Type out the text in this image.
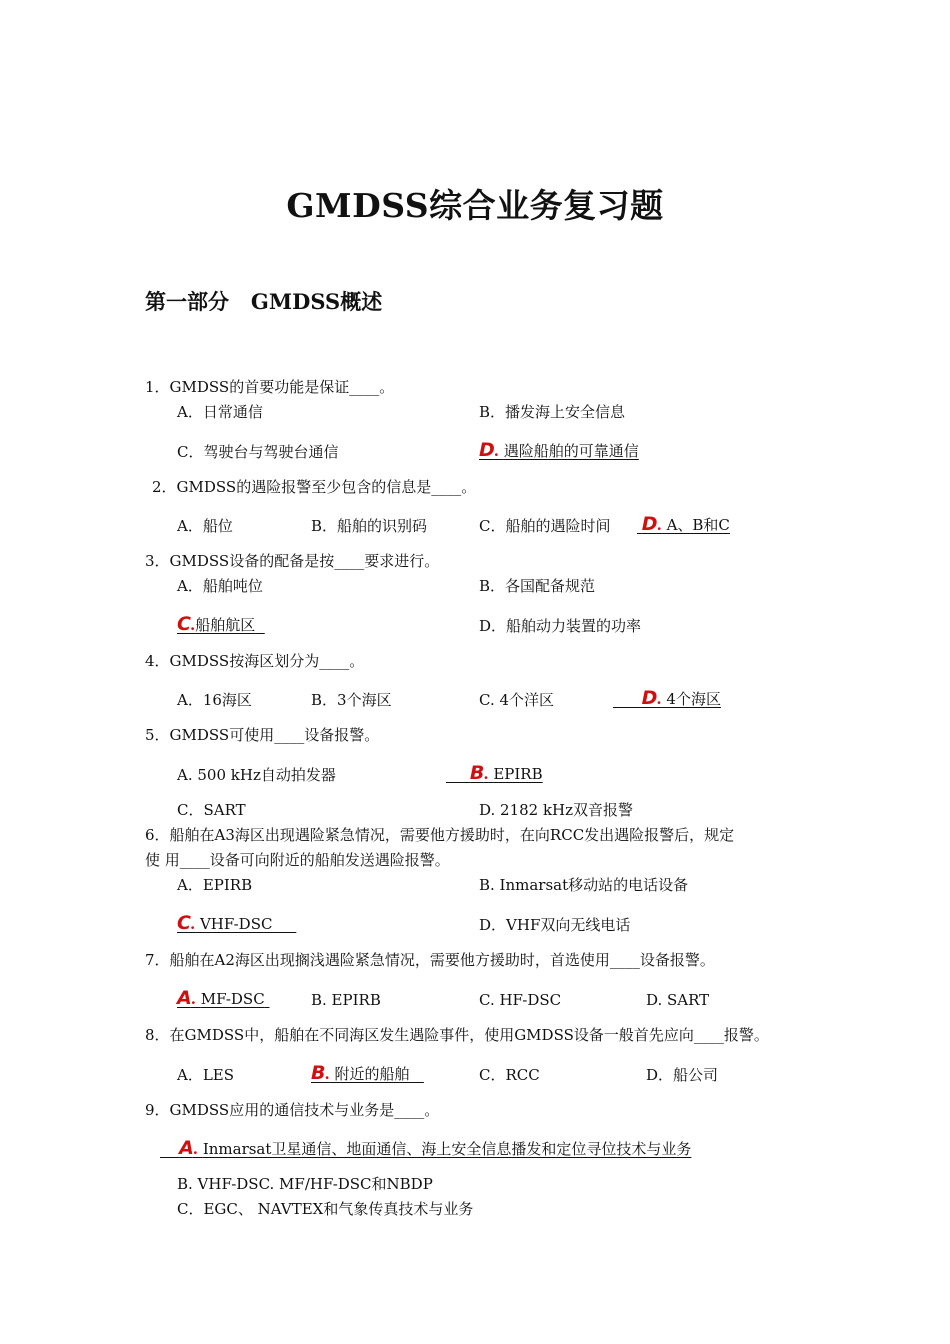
GMDSS综合业务复习题
第一部分   GMDSS概述
1．GMDSS的首要功能是保证____。
A．日常通信	B．播发海上安全信息
C．驾驶台与驾驶台通信	D. 遇险船舶的可靠通信
2．GMDSS的遇险报警至少包含的信息是____。
A．船位	B．船舶的识别码	C．船舶的遇险时间 D. A、B和C
3．GMDSS设备的配备是按____要求进行。
A．船舶吨位	B．各国配备规范
C.船舶航区	D．船舶动力装置的功率
4．GMDSS按海区划分为____。
A．16海区	B．3个海区	C. 4个洋区	D. 4个海区
5．GMDSS可使用____设备报警。
A. 500 kHz自动拍发器	B. EPIRB
C．SART	D. 2182 kHz双音报警
6．船舶在A3海区出现遇险紧急情况，需要他方援助时，在向RCC发出遇险报警后，规定
使 用____设备可向附近的船舶发送遇险报警。
A．EPIRB	B. Inmarsat移动站的电话设备
C. VHF-DSC	D．VHF双向无线电话
7．船舶在A2海区出现搁浅遇险紧急情况，需要他方援助时，首选使用____设备报警。
A. MF-DSC	B. EPIRB	C. HF-DSC	D. SART
8．在GMDSS中，船舶在不同海区发生遇险事件，使用GMDSS设备一般首先应向____报警。
A．LES	B. 附近的船舶	C．RCC	D．船公司
9．GMDSS应用的通信技术与业务是____。
A. Inmarsat卫星通信、地面通信、海上安全信息播发和定位寻位技术与业务
B. VHF-DSC. MF/HF-DSC和NBDP
C．EGC、 NAVTEX和气象传真技术与业务
